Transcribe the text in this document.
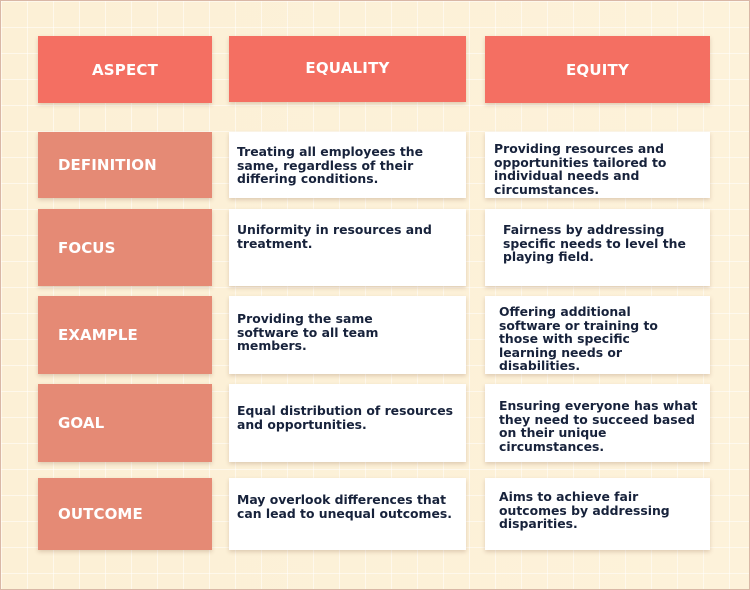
ASPECT	EQUALITY	EQUITY
DEFINITION
Treating all employees the same, regardless of their differing conditions.
Providing resources and opportunities tailored to individual needs and circumstances.
FOCUS
Uniformity in resources and treatment.
Fairness by addressing specific needs to level the playing field.
EXAMPLE
Providing the same software to all team members.
Offering additional software or training to those with specific learning needs or disabilities.
GOAL
Equal distribution of resources and opportunities.
Ensuring everyone has what they need to succeed based on their unique circumstances.
OUTCOME
May overlook differences that can lead to unequal outcomes.
Aims to achieve fair outcomes by addressing disparities.
